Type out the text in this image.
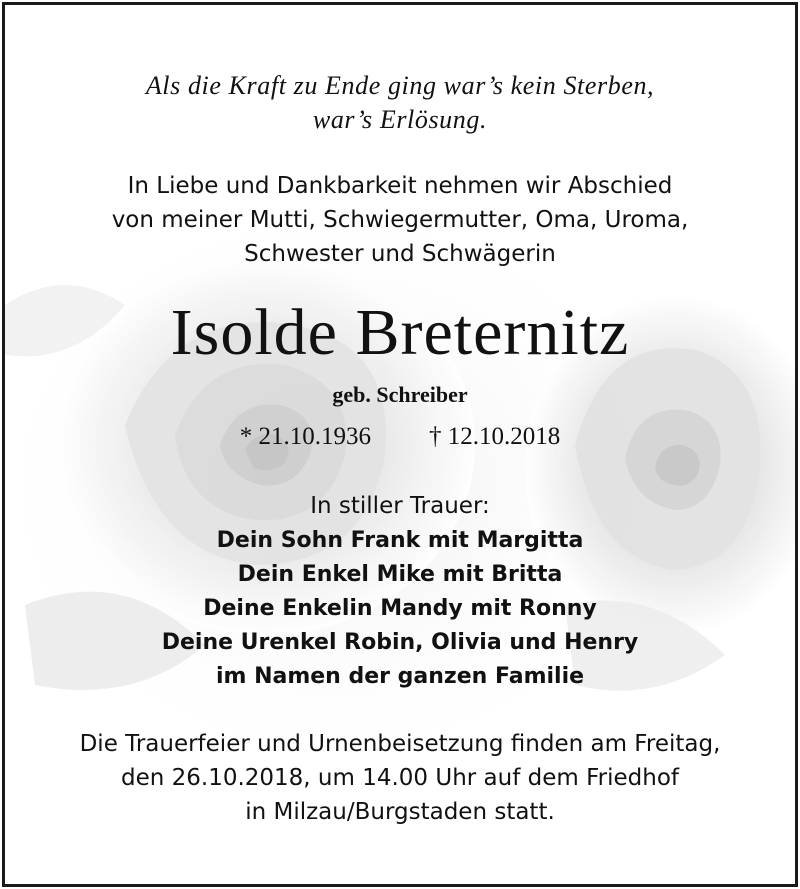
Als die Kraft zu Ende ging war’s kein Sterben,
war’s Erlösung.
In Liebe und Dankbarkeit nehmen wir Abschied
von meiner Mutti, Schwiegermutter, Oma, Uroma,
Schwester und Schwägerin
Isolde Breternitz
geb. Schreiber
* 21.10.1936 † 12.10.2018
In stiller Trauer:
Dein Sohn Frank mit Margitta
Dein Enkel Mike mit Britta
Deine Enkelin Mandy mit Ronny
Deine Urenkel Robin, Olivia und Henry
im Namen der ganzen Familie
Die Trauerfeier und Urnenbeisetzung finden am Freitag,
den 26.10.2018, um 14.00 Uhr auf dem Friedhof
in Milzau/Burgstaden statt.
